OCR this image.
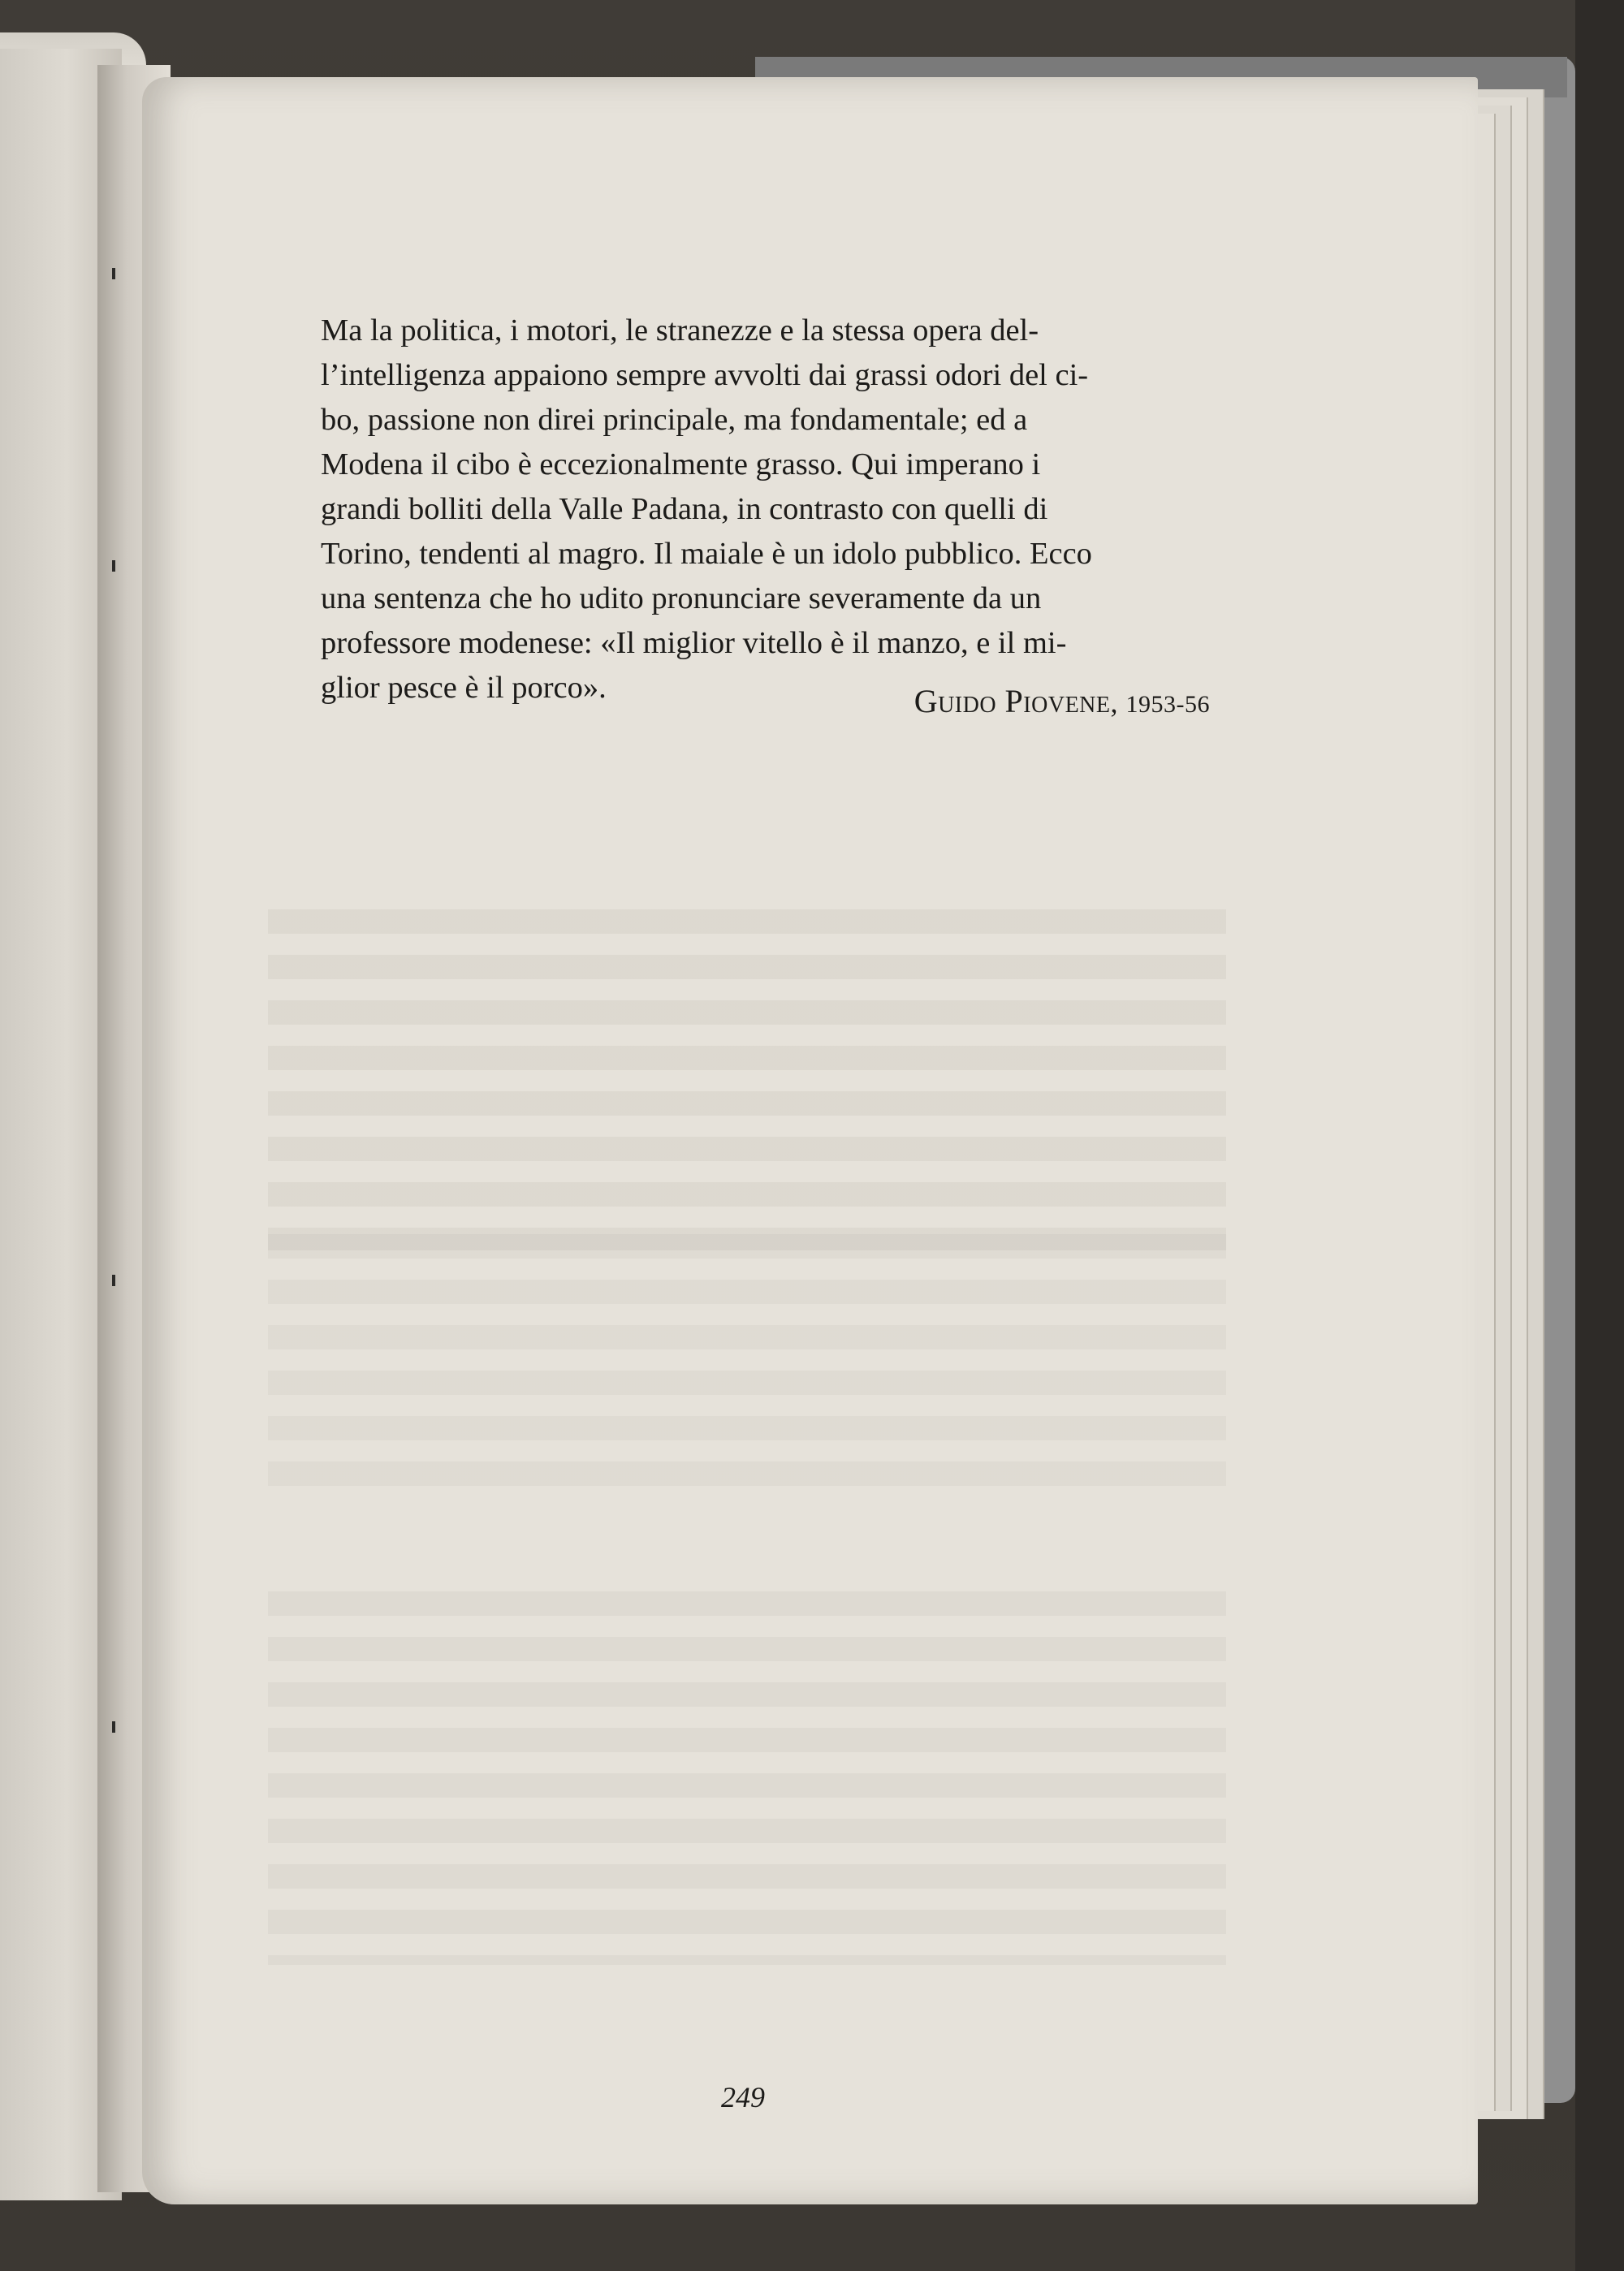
Ma la politica, i motori, le stranezze e la stessa opera del-
l’intelligenza appaiono sempre avvolti dai grassi odori del ci-
bo, passione non direi principale, ma fondamentale; ed a
Modena il cibo è eccezionalmente grasso. Qui imperano i
grandi bolliti della Valle Padana, in contrasto con quelli di
Torino, tendenti al magro. Il maiale è un idolo pubblico. Ecco
una sentenza che ho udito pronunciare severamente da un
professore modenese: «Il miglior vitello è il manzo, e il mi-
glior pesce è il porco».	Guido Piovene, 1953-56
249
